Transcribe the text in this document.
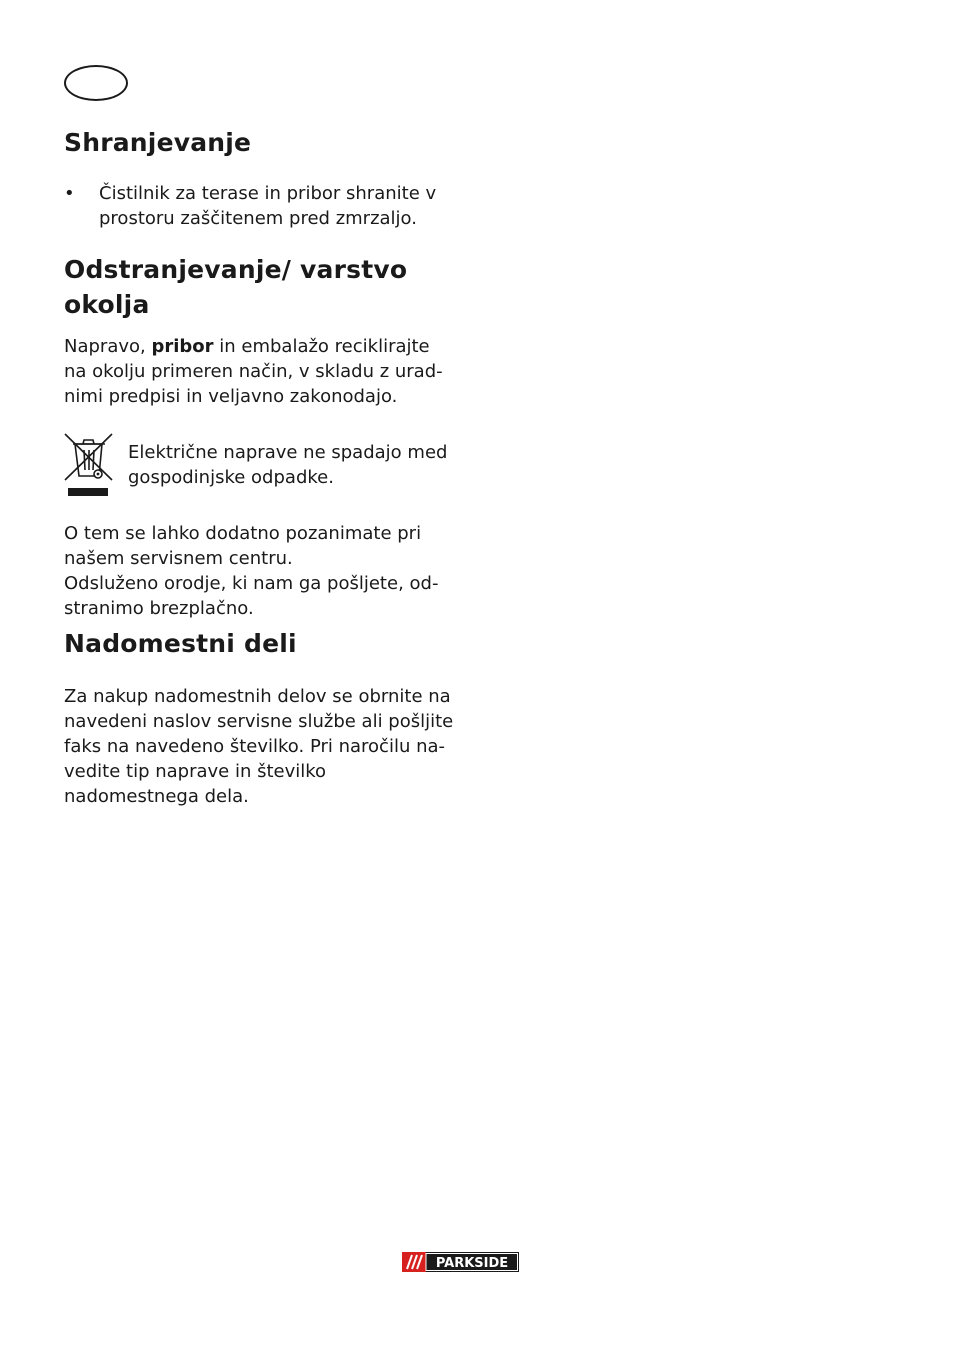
Shranjevanje
•	Čistilnik za terase in pribor shranite v prostoru zaščitenem pred zmrzaljo.
Odstranjevanje/ varstvo okolja

Napravo, pribor in embalažo reciklirajte na okolju primeren način, v skladu z urad-nimi predpisi in veljavno zakonodajo.

Električne naprave ne spadajo med gospodinjske odpadke.

O tem se lahko dodatno pozanimate pri našem servisnem centru.

Odsluženo orodje, ki nam ga pošljete, od-stranimo brezplačno.

Nadomestni deli

Za nakup nadomestnih delov se obrnite na navedeni naslov servisne službe ali pošljite faks na navedeno številko. Pri naročilu na-vedite tip naprave in številko nadomestnega dela.

PARKSIDE
